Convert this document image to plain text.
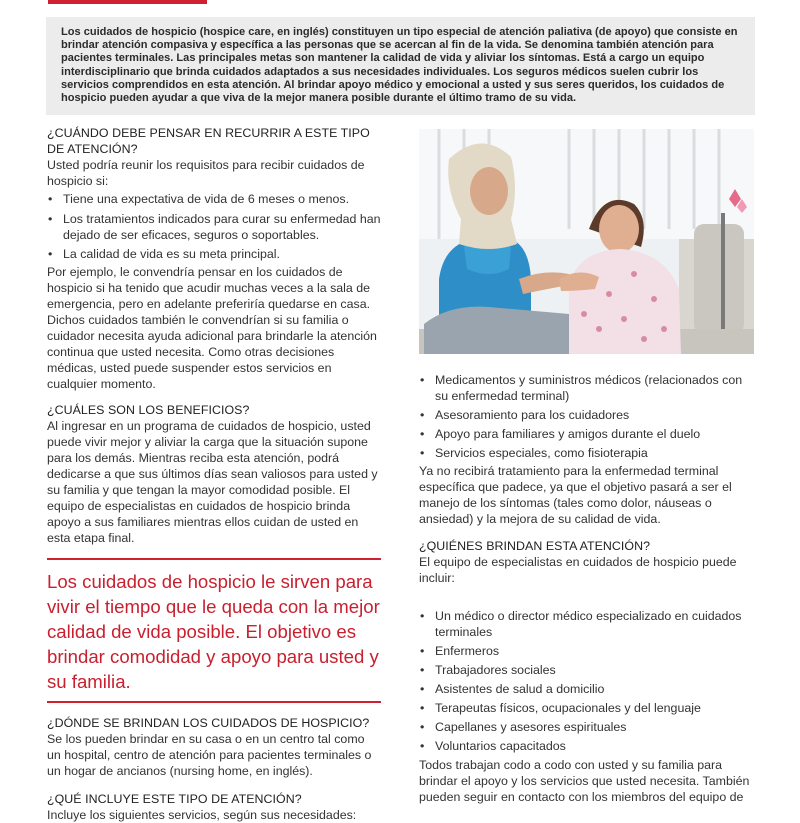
Los cuidados de hospicio (hospice care, en inglés) constituyen un tipo especial de atención paliativa (de apoyo) que consiste en brindar atención compasiva y específica a las personas que se acercan al fin de la vida. Se denomina también atención para pacientes terminales. Las principales metas son mantener la calidad de vida y aliviar los síntomas. Está a cargo un equipo interdisciplinario que brinda cuidados adaptados a sus necesidades individuales. Los seguros médicos suelen cubrir los servicios comprendidos en esta atención. Al brindar apoyo médico y emocional a usted y sus seres queridos, los cuidados de hospicio pueden ayudar a que viva de la mejor manera posible durante el último tramo de su vida.
¿CUÁNDO DEBE PENSAR EN RECURRIR A ESTE TIPO DE ATENCIÓN?

Usted podría reunir los requisitos para recibir cuidados de hospicio si:

• Tiene una expectativa de vida de 6 meses o menos.
• Los tratamientos indicados para curar su enfermedad han dejado de ser eficaces, seguros o soportables.
• La calidad de vida es su meta principal.

Por ejemplo, le convendría pensar en los cuidados de hospicio si ha tenido que acudir muchas veces a la sala de emergencia, pero en adelante preferiría quedarse en casa. Dichos cuidados también le convendrían si su familia o cuidador necesita ayuda adicional para brindarle la atención continua que usted necesita. Como otras decisiones médicas, usted puede suspender estos servicios en cualquier momento.

¿CUÁLES SON LOS BENEFICIOS?

Al ingresar en un programa de cuidados de hospicio, usted puede vivir mejor y aliviar la carga que la situación supone para los demás. Mientras reciba esta atención, podrá dedicarse a que sus últimos días sean valiosos para usted y su familia y que tengan la mayor comodidad posible. El equipo de especialistas en cuidados de hospicio brinda apoyo a sus familiares mientras ellos cuidan de usted en esta etapa final.

Los cuidados de hospicio le sirven para vivir el tiempo que le queda con la mejor calidad de vida posible. El objetivo es brindar comodidad y apoyo para usted y su familia.
¿DÓNDE SE BRINDAN LOS CUIDADOS DE HOSPICIO?

Se los pueden brindar en su casa o en un centro tal como un hospital, centro de atención para pacientes terminales o un hogar de ancianos (nursing home, en inglés).

¿QUÉ INCLUYE ESTE TIPO DE ATENCIÓN?

Incluye los siguientes servicios, según sus necesidades:

• Medicamentos y suministros médicos (relacionados con su enfermedad terminal)
• Asesoramiento para los cuidadores
• Apoyo para familiares y amigos durante el duelo
• Servicios especiales, como fisioterapia

Ya no recibirá tratamiento para la enfermedad terminal específica que padece, ya que el objetivo pasará a ser el manejo de los síntomas (tales como dolor, náuseas o ansiedad) y la mejora de su calidad de vida.

¿QUIÉNES BRINDAN ESTA ATENCIÓN?

El equipo de especialistas en cuidados de hospicio puede incluir:

• Un médico o director médico especializado en cuidados terminales
• Enfermeros
• Trabajadores sociales
• Asistentes de salud a domicilio
• Terapeutas físicos, ocupacionales y del lenguaje
• Capellanes y asesores espirituales
• Voluntarios capacitados

Todos trabajan codo a codo con usted y su familia para brindar el apoyo y los servicios que usted necesita. También pueden seguir en contacto con los miembros del equipo de
